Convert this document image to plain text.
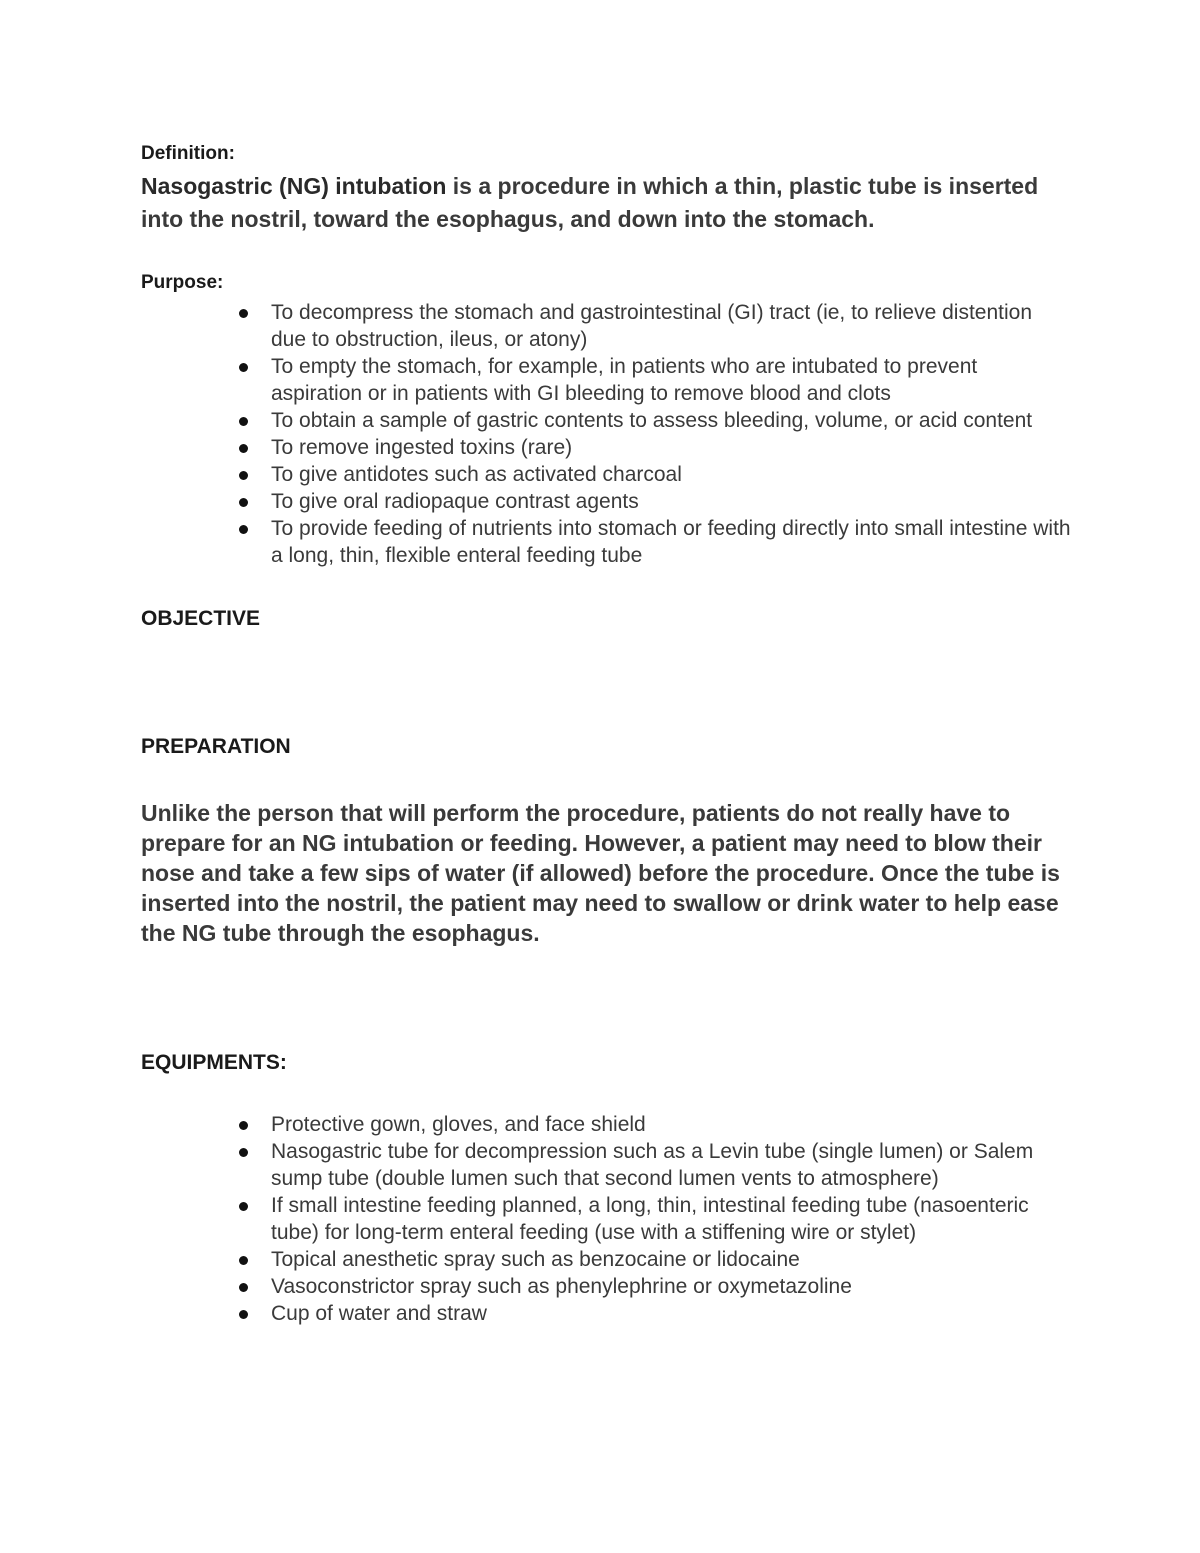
Definition:

Nasogastric (NG) intubation is a procedure in which a thin, plastic tube is inserted into the nostril, toward the esophagus, and down into the stomach.

Purpose:

To decompress the stomach and gastrointestinal (GI) tract (ie, to relieve distention due to obstruction, ileus, or atony)
To empty the stomach, for example, in patients who are intubated to prevent aspiration or in patients with GI bleeding to remove blood and clots
To obtain a sample of gastric contents to assess bleeding, volume, or acid content
To remove ingested toxins (rare)
To give antidotes such as activated charcoal
To give oral radiopaque contrast agents
To provide feeding of nutrients into stomach or feeding directly into small intestine with a long, thin, flexible enteral feeding tube

OBJECTIVE

PREPARATION

Unlike the person that will perform the procedure, patients do not really have to prepare for an NG intubation or feeding. However, a patient may need to blow their nose and take a few sips of water (if allowed) before the procedure. Once the tube is inserted into the nostril, the patient may need to swallow or drink water to help ease the NG tube through the esophagus.

EQUIPMENTS:

Protective gown, gloves, and face shield
Nasogastric tube for decompression such as a Levin tube (single lumen) or Salem sump tube (double lumen such that second lumen vents to atmosphere)
If small intestine feeding planned, a long, thin, intestinal feeding tube (nasoenteric tube) for long-term enteral feeding (use with a stiffening wire or stylet)
Topical anesthetic spray such as benzocaine or lidocaine
Vasoconstrictor spray such as phenylephrine or oxymetazoline
Cup of water and straw
